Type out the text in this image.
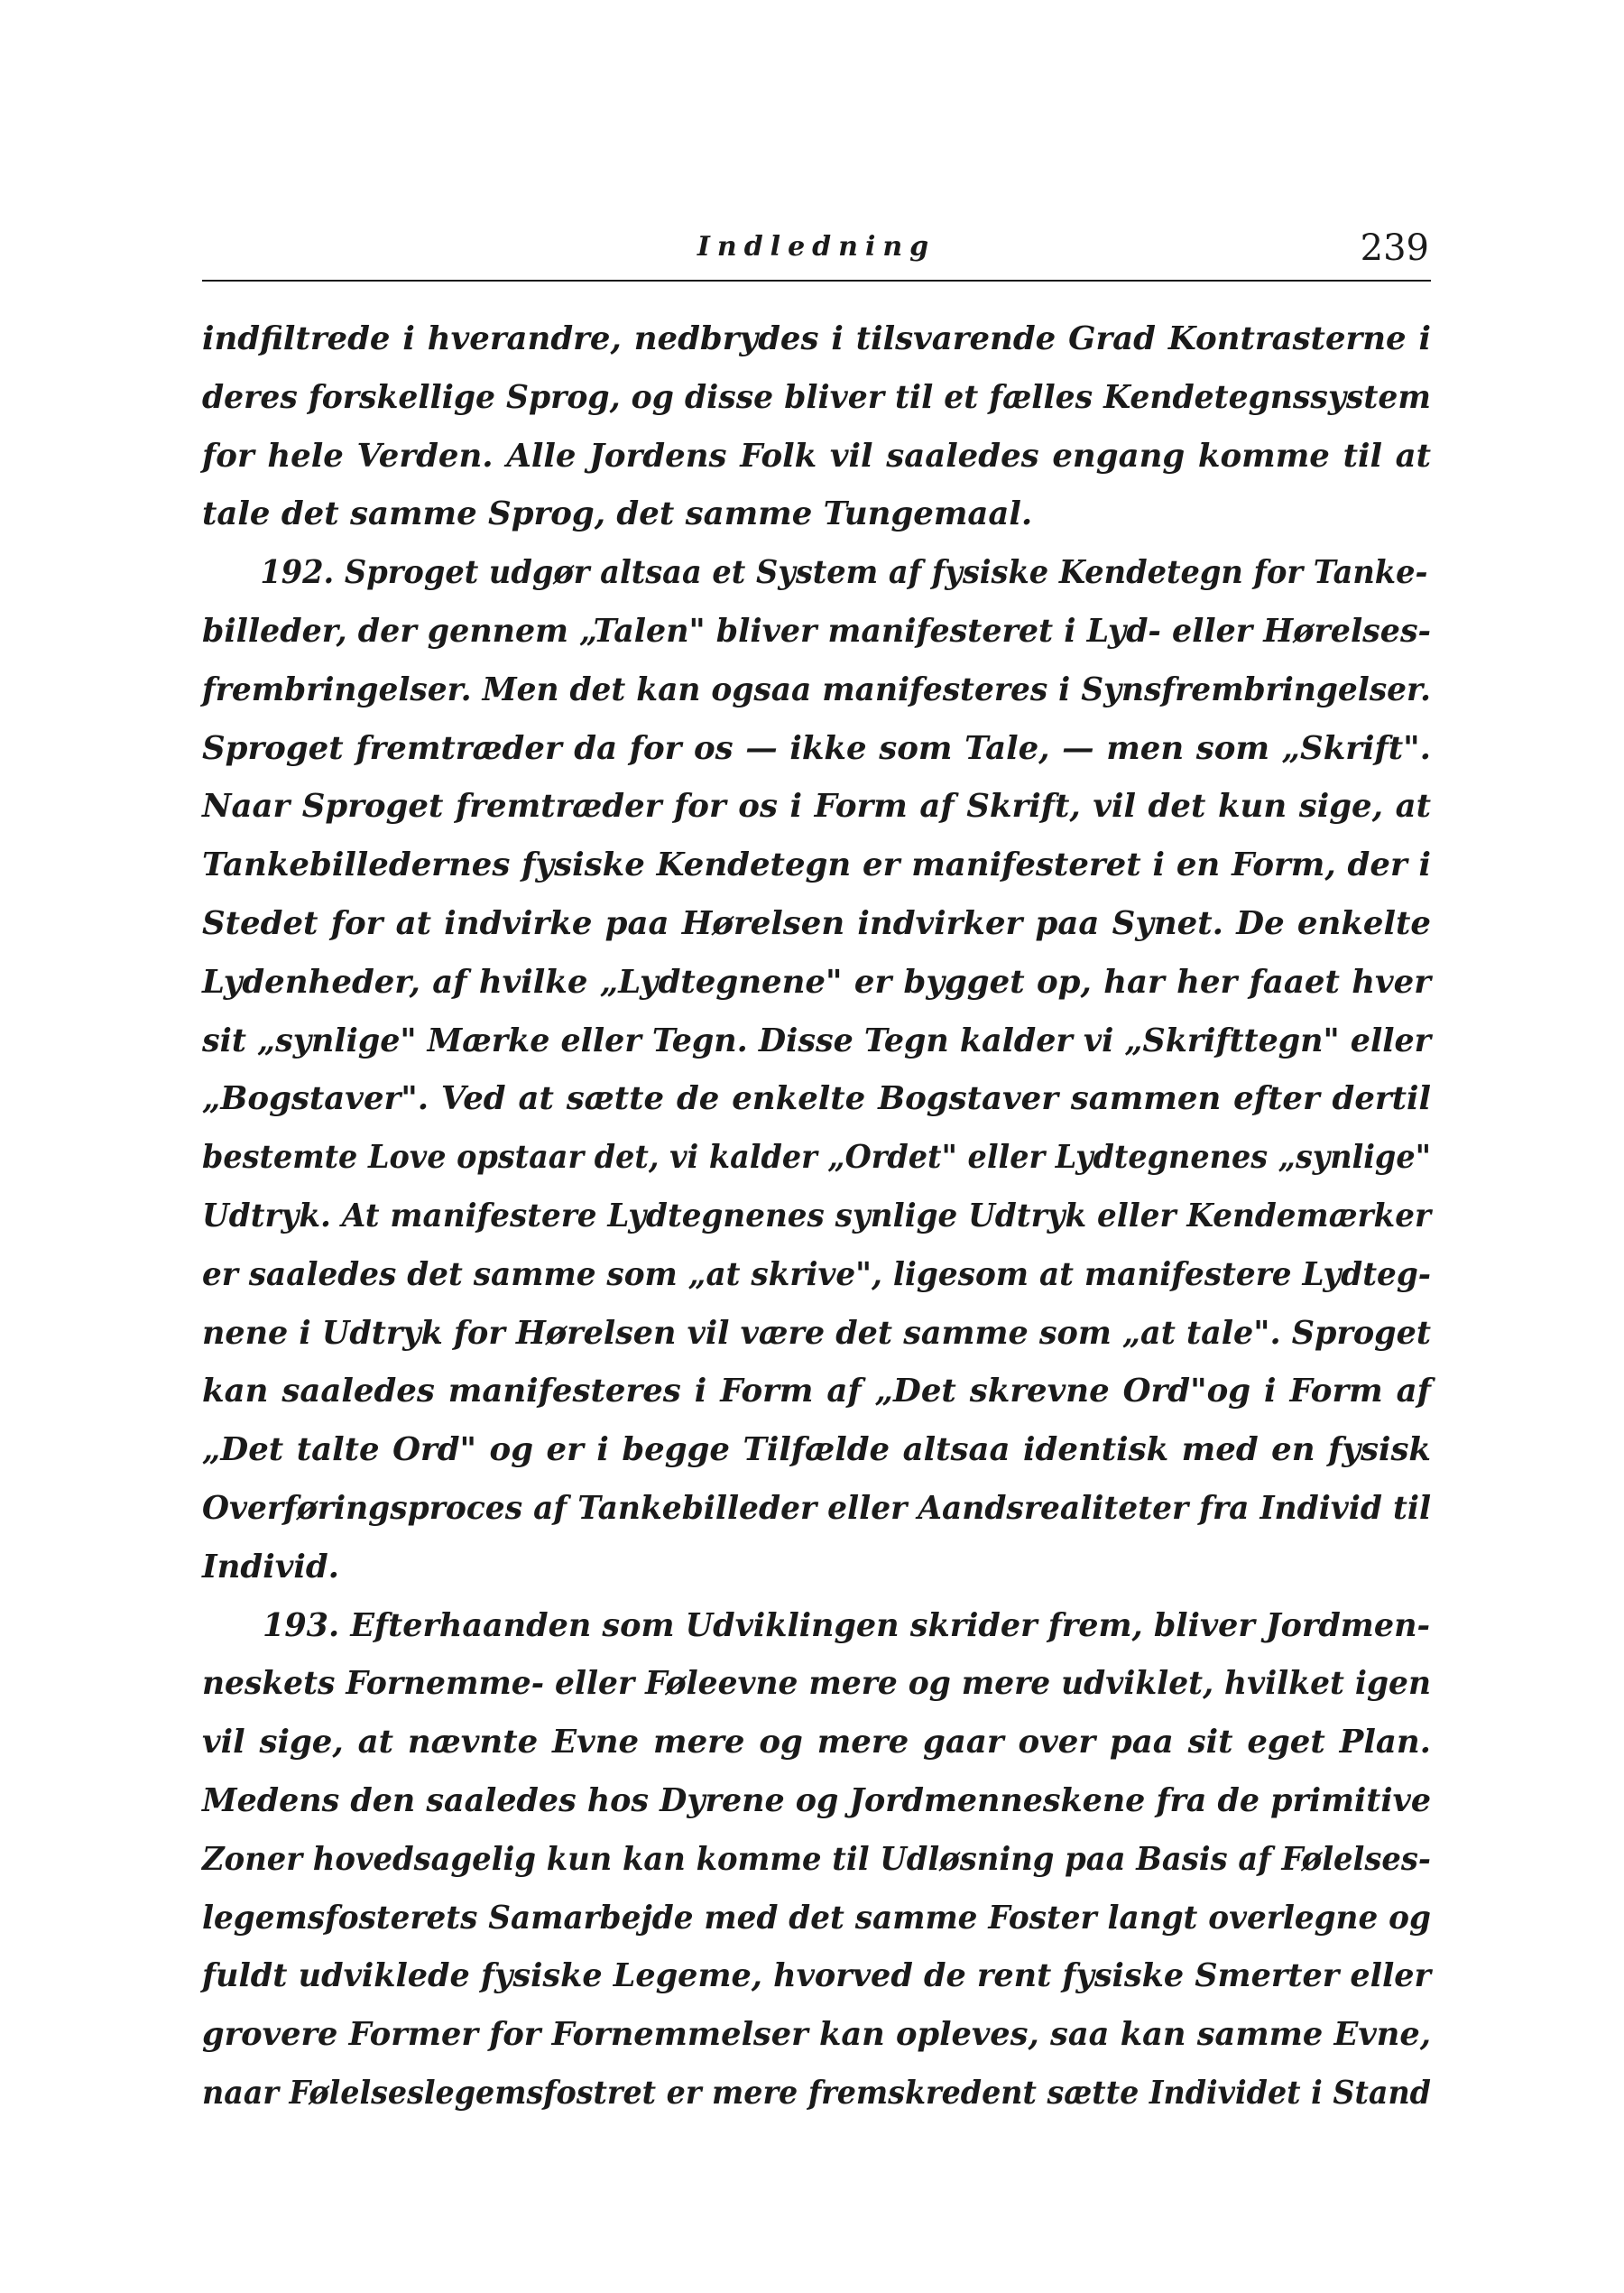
Indledning	239
indfiltrede i hverandre, nedbrydes i tilsvarende Grad Kontrasterne i
deres forskellige Sprog, og disse bliver til et fælles Kendetegnssystem
for hele Verden. Alle Jordens Folk vil saaledes engang komme til at
tale det samme Sprog, det samme Tungemaal.
192. Sproget udgør altsaa et System af fysiske Kendetegn for Tanke-
billeder, der gennem „Talen" bliver manifesteret i Lyd- eller Hørelses-
frembringelser. Men det kan ogsaa manifesteres i Synsfrembringelser.
Sproget fremtræder da for os — ikke som Tale, — men som „Skrift".
Naar Sproget fremtræder for os i Form af Skrift, vil det kun sige, at
Tankebilledernes fysiske Kendetegn er manifesteret i en Form, der i
Stedet for at indvirke paa Hørelsen indvirker paa Synet. De enkelte
Lydenheder, af hvilke „Lydtegnene" er bygget op, har her faaet hver
sit „synlige" Mærke eller Tegn. Disse Tegn kalder vi „Skrifttegn" eller
„Bogstaver". Ved at sætte de enkelte Bogstaver sammen efter dertil
bestemte Love opstaar det, vi kalder „Ordet" eller Lydtegnenes „synlige"
Udtryk. At manifestere Lydtegnenes synlige Udtryk eller Kendemærker
er saaledes det samme som „at skrive", ligesom at manifestere Lydteg-
nene i Udtryk for Hørelsen vil være det samme som „at tale". Sproget
kan saaledes manifesteres i Form af „Det skrevne Ord"og i Form af
„Det talte Ord" og er i begge Tilfælde altsaa identisk med en fysisk
Overføringsproces af Tankebilleder eller Aandsrealiteter fra Individ til
Individ.
193. Efterhaanden som Udviklingen skrider frem, bliver Jordmen-
neskets Fornemme- eller Føleevne mere og mere udviklet, hvilket igen
vil sige, at nævnte Evne mere og mere gaar over paa sit eget Plan.
Medens den saaledes hos Dyrene og Jordmenneskene fra de primitive
Zoner hovedsagelig kun kan komme til Udløsning paa Basis af Følelses-
legemsfosterets Samarbejde med det samme Foster langt overlegne og
fuldt udviklede fysiske Legeme, hvorved de rent fysiske Smerter eller
grovere Former for Fornemmelser kan opleves, saa kan samme Evne,
naar Følelseslegemsfostret er mere fremskredent sætte Individet i Stand
